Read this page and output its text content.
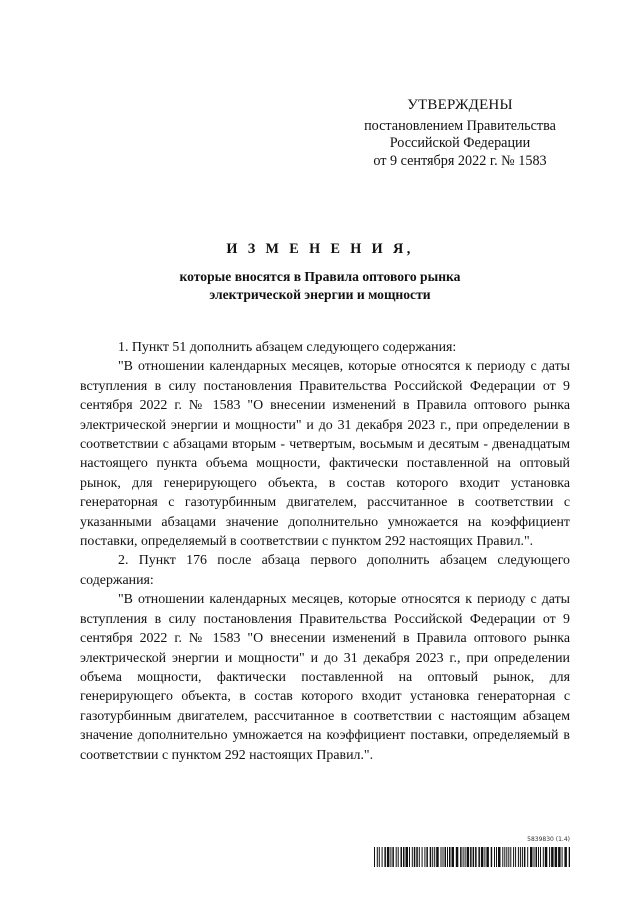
УТВЕРЖДЕНЫ
постановлением Правительства
Российской Федерации
от 9 сентября 2022 г. № 1583
И З М Е Н Е Н И Я,
которые вносятся в Правила оптового рынка
электрической энергии и мощности

1. Пункт 51 дополнить абзацем следующего содержания:

"В отношении календарных месяцев, которые относятся к периоду с даты вступления в силу постановления Правительства Российской Федерации от 9 сентября 2022 г. № 1583 "О внесении изменений в Правила оптового рынка электрической энергии и мощности" и до 31 декабря 2023 г., при определении в соответствии с абзацами вторым - четвертым, восьмым и десятым - двенадцатым настоящего пункта объема мощности, фактически поставленной на оптовый рынок, для генерирующего объекта, в состав которого входит установка генераторная с газотурбинным двигателем, рассчитанное в соответствии с указанными абзацами значение дополнительно умножается на коэффициент поставки, определяемый в соответствии с пунктом 292 настоящих Правил.".

2. Пункт 176 после абзаца первого дополнить абзацем следующего содержания:

"В отношении календарных месяцев, которые относятся к периоду с даты вступления в силу постановления Правительства Российской Федерации от 9 сентября 2022 г. № 1583 "О внесении изменений в Правила оптового рынка электрической энергии и мощности" и до 31 декабря 2023 г., при определении объема мощности, фактически поставленной на оптовый рынок, для генерирующего объекта, в состав которого входит установка генераторная с газотурбинным двигателем, рассчитанное в соответствии с настоящим абзацем значение дополнительно умножается на коэффициент поставки, определяемый в соответствии с пунктом 292 настоящих Правил.".

5839830 (1.4)
